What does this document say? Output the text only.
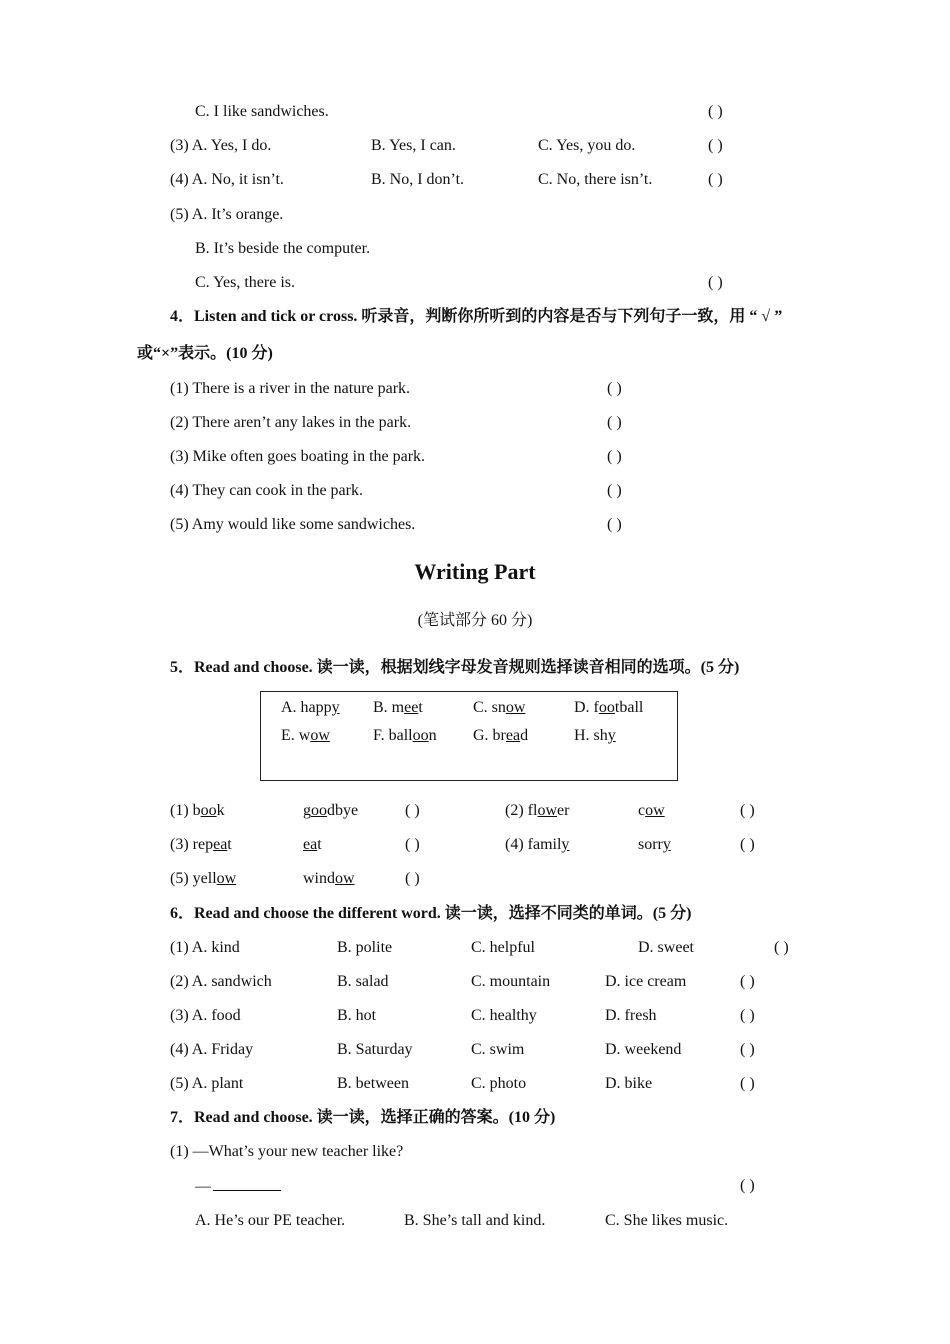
C. I like sandwiches.	( )
(3) A. Yes, I do.	B. Yes, I can.	C. Yes, you do.	( )
(4) A. No, it isn’t.	B. No, I don’t.	C. No, there isn’t.	( )
(5) A. It’s orange.
B. It’s beside the computer.
C. Yes, there is.	( )
4．Listen and tick or cross. 听录音，判断你所听到的内容是否与下列句子一致，用 “ √ ”
或“×”表示。(10 分)
(1) There is a river in the nature park.	( )
(2) There aren’t any lakes in the park.	( )
(3) Mike often goes boating in the park.	( )
(4) They can cook in the park.	( )
(5) Amy would like some sandwiches.	( )
Writing Part
(笔试部分 60 分)
5．Read and choose. 读一读，根据划线字母发音规则选择读音相同的选项。(5 分)
A. happy B. meet	C. snow	D. football
E. wow	F. balloon G. bread	H. shy
(1) book	goodbye	( )	(2) flower	cow	( )
(3) repeat	eat	( )	(4) family	sorry	( )
(5) yellow	window	( )
6．Read and choose the different word. 读一读，选择不同类的单词。(5 分)
(1) A. kind	B. polite	C. helpful	D. sweet	( )
(2) A. sandwich	B. salad	C. mountain	D. ice cream	( )
(3) A. food	B. hot	C. healthy	D. fresh	( )
(4) A. Friday	B. Saturday	C. swim	D. weekend	( )
(5) A. plant	B. between	C. photo	D. bike	( )
7．Read and choose. 读一读，选择正确的答案。(10 分)
(1) —What’s your new teacher like?
—	( )
A. He’s our PE teacher.	B. She’s tall and kind.	C. She likes music.
